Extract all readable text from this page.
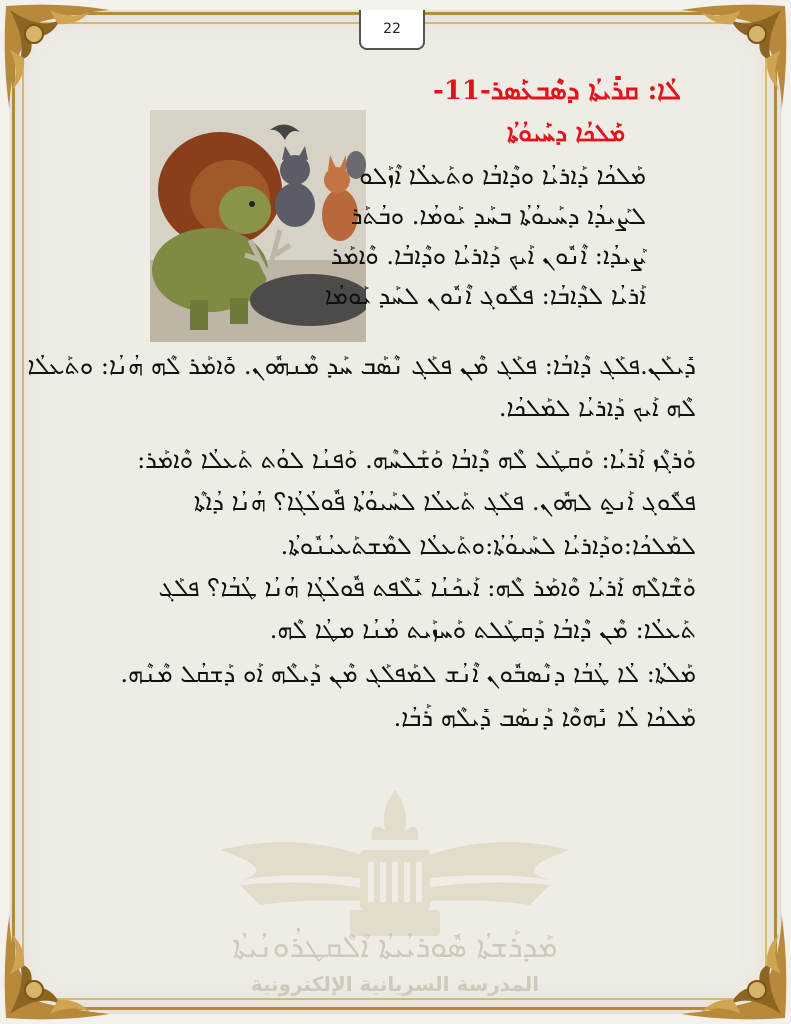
ܡܰܕܪܰܫܬܳܐ ܣܽܘܪܝܳܝܬܳܐ ܐܶܠܶܩܛܪܳܘܢܳܝܬܳܐ
المدرسة السريانية الإلكترونية
22
ܠܳܐ: ܩܪܺܝܬܳܐ ܕܣܶܒܥܰܣܪ-11-
ܡܰܠܟܳܐ ܕܚܰܝܘܳܬܳܐ
ܡܰܠܟܳܐ ܕܰܐܪܝܳܐ ܘܕܶܐܒܳܐ ܘܬܰܥܠܳܐ ܐܶܙܰܠܘ
ܠܨܰܝܕܳܐ ܕܚܰܝܘܳܬܳܐ ܒܚܰܕ ܝܰܘܡܳܐ. ܘܒܳܬܰܪ
ܨܰܝܕܳܐ: ܐܶܢܽܘܢ ܐܰܝܟ ܕܰܐܪܝܳܐ ܘܕܶܐܒܳܐ. ܘܶܐܡܰܪ
ܐܰܪܝܳܐ ܠܕܶܐܒܳܐ: ܦܠܽܘܓ ܐܶܢܽܘܢ ܠܚܰܕ ܝܰܘܡܳܐ
ܕܺܝܠܰܢ.ܦܠܰܓ ܕܶܐܒܳܐ: ܦܠܰܓ ܡܶܢ ܦܠܰܓ ܢܶܣܰܒ ܚܰܕ ܡܶܢܗܽܘܢ. ܘܺܐܡܰܪ ܠܶܗ ܗܳܢܳܐ: ܘܬܰܥܠܳܐ
ܠܶܗ ܐܰܝܟ ܕܰܐܪܝܳܐ ܠܡܰܠܟܳܐ.
ܘܰܪܓܶܙ ܐܰܪܝܳܐ: ܘܰܩܛܰܠ ܠܶܗ ܕܶܐܒܳܐ ܘܰܫܰܠܚܶܗ. ܘܰܦܢܳܐ ܠܘܳܬ ܬܰܥܠܳܐ ܘܶܐܡܰܪ:
ܦܠܽܘܓ ܐܰܢ̱ܬ ܠܗܽܘܢ. ܦܠܰܓ ܬܰܥܠܳܐ ܠܚܰܝܘܳܬܳܐ ܦܽܘܠܳܓܳܐ؟ ܗܳܢܳܐ ܕܳܐܬܶܐ
ܠܡܰܠܟܳܐ:ܘܕܰܐܪܝܳܐ ܠܚܰܝܘܳܬܳܐ:ܘܬܰܥܠܳܐ ܠܡܶܫܬܰܥܝܳܢܽܘܬܳܐ.
ܘܰܫܶܐܠܶܗ ܐܰܪܝܳܐ ܘܶܐܡܰܪ ܠܶܗ: ܐܰܝܟܰܢܳܐ ܝܺܠܶܦܬ ܦܽܘܠܳܓܳܐ ܗܳܢܳܐ ܛܳܒܳܐ؟ ܦܠܰܓ
ܬܰܥܠܳܐ: ܡܶܢ ܕܶܐܒܳܐ ܕܰܩܛܰܠܬ ܘܰܚܙܰܝܬ ܡܳܢܳܐ ܡܛܳܐ ܠܶܗ.
ܡܰܠܬܳܐ: ܠܳܐ ܛܳܒܳܐ ܕܢܶܣܒܽܘܢ ܐܶܢܳܫ ܠܡܰܦܠܰܓ ܡܶܢ ܕܰܝܠܶܗ ܐܰܘ ܕܰܫܩܳܠ ܡܶܢܶܗ.
ܡܰܠܟܳܐ ܠܳܐ ܢܺܗܘܶܐ ܕܰܢܣܰܒ ܕܺܝܠܶܗ ܪܰܒܳܐ.
